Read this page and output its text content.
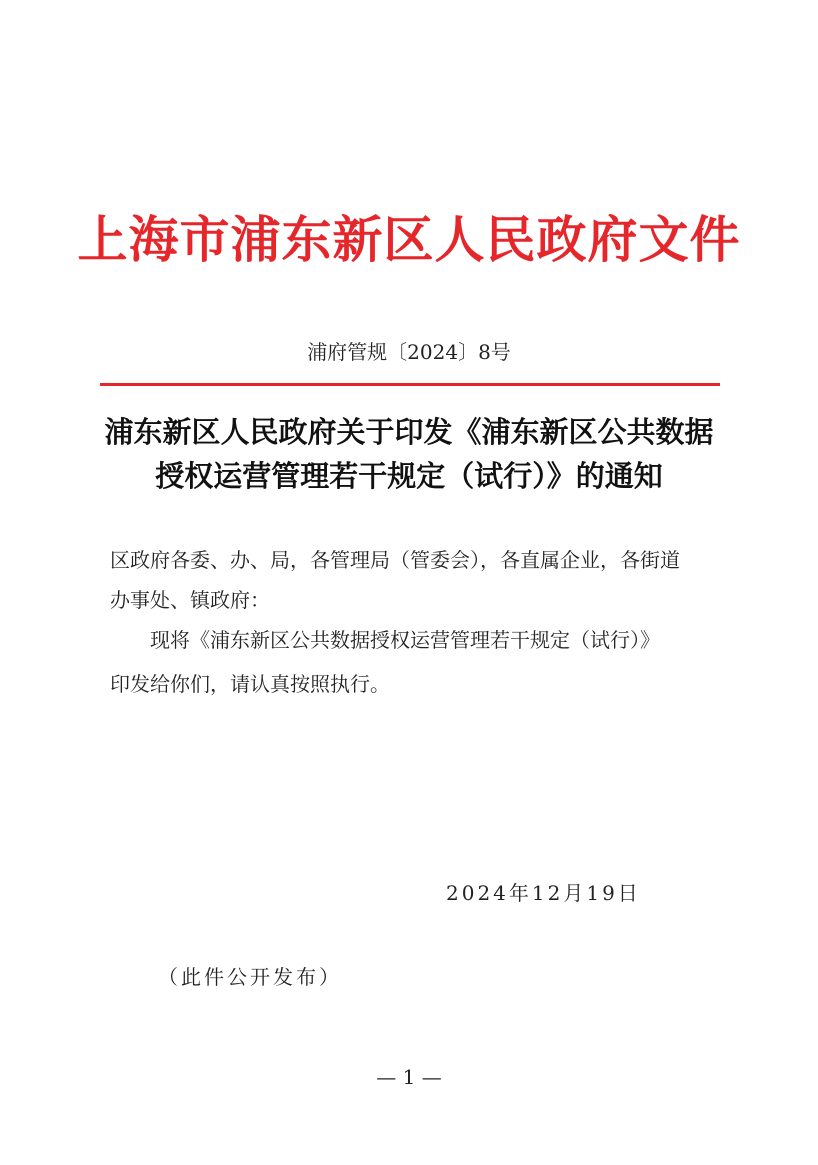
上海市浦东新区人民政府文件
浦府管规〔2024〕8号
浦东新区人民政府关于印发《浦东新区公共数据
授权运营管理若干规定（试行）》的通知
区政府各委、办、局，各管理局（管委会），各直属企业，各街道
办事处、镇政府：
现将《浦东新区公共数据授权运营管理若干规定（试行）》
印发给你们，请认真按照执行。
2024年12月19日
（此件公开发布）
— 1 —
